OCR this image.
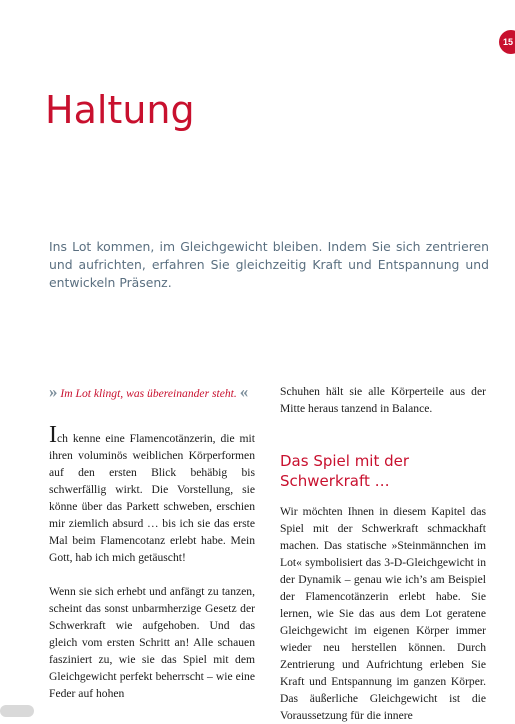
15
Haltung

Ins Lot kommen, im Gleichgewicht bleiben. Indem Sie sich zentrieren und aufrichten, erfahren Sie gleichzeitig Kraft und Entspannung und entwickeln Präsenz.

» Im Lot klingt, was übereinander steht. «

Ich kenne eine Flamencotänzerin, die mit ihren voluminös weiblichen Körperformen auf den ersten Blick behäbig bis schwerfällig wirkt. Die Vorstellung, sie könne über das Parkett schweben, erschien mir ziemlich absurd … bis ich sie das erste Mal beim Flamencotanz erlebt habe. Mein Gott, hab ich mich getäuscht!

Wenn sie sich erhebt und anfängt zu tanzen, scheint das sonst unbarmherzige Gesetz der Schwerkraft wie aufgehoben. Und das gleich vom ersten Schritt an! Alle schauen fasziniert zu, wie sie das Spiel mit dem Gleichgewicht perfekt beherrscht – wie eine Feder auf hohen

Schuhen hält sie alle Körperteile aus der Mitte heraus tanzend in Balance.

Das Spiel mit der Schwerkraft …

Wir möchten Ihnen in diesem Kapitel das Spiel mit der Schwerkraft schmackhaft machen. Das statische »Steinmännchen im Lot« symbolisiert das 3-D-Gleichgewicht in der Dynamik – genau wie ich’s am Beispiel der Flamencotänzerin erlebt habe. Sie lernen, wie Sie das aus dem Lot geratene Gleichgewicht im eigenen Körper immer wieder neu herstellen können. Durch Zentrierung und Aufrichtung erleben Sie Kraft und Entspannung im ganzen Körper. Das äußerliche Gleichgewicht ist die Voraussetzung für die innere
